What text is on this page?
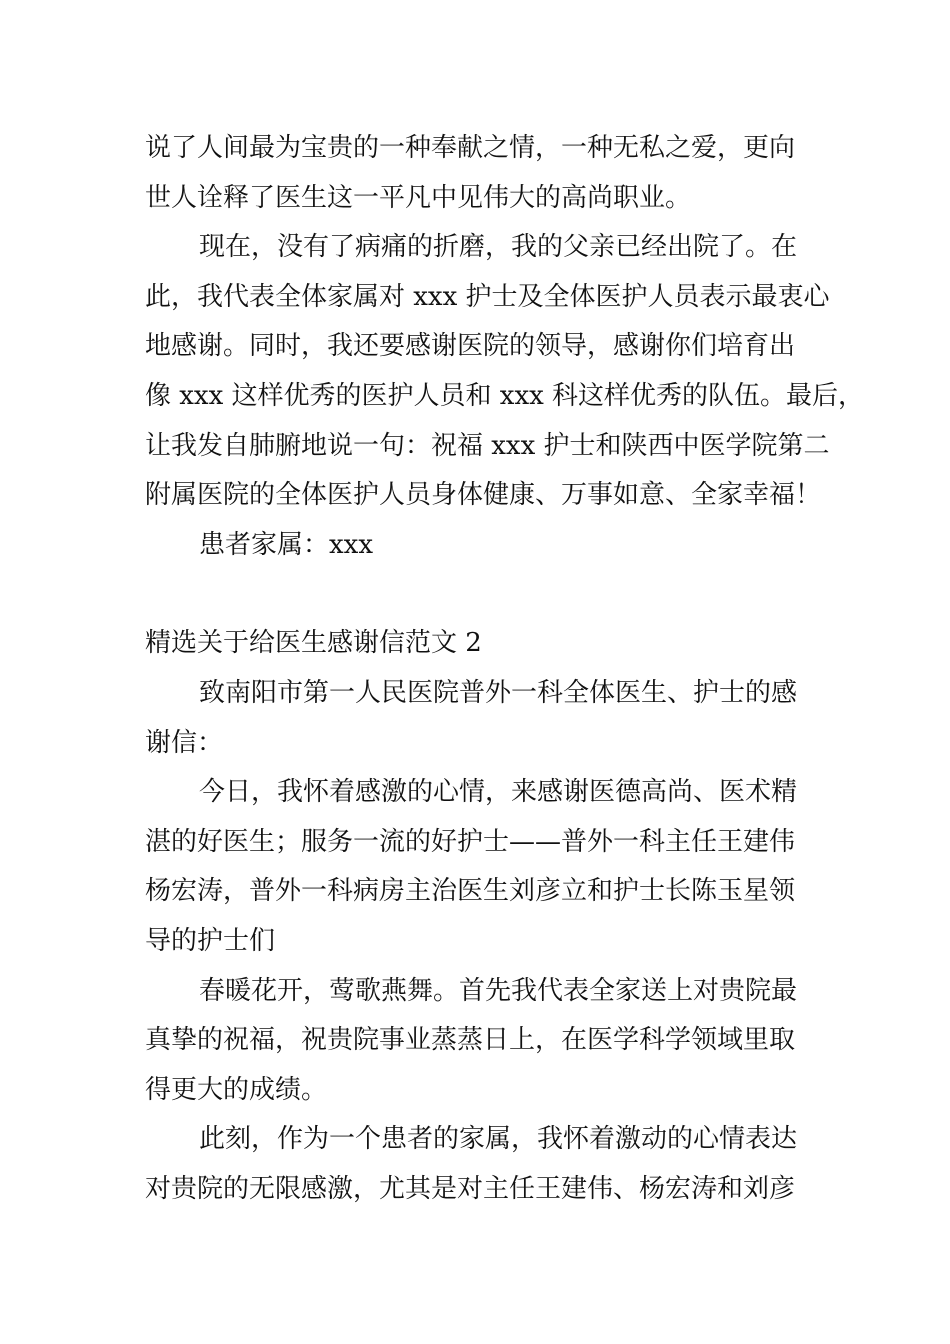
说了人间最为宝贵的一种奉献之情，一种无私之爱，更向
世人诠释了医生这一平凡中见伟大的高尚职业。

现在，没有了病痛的折磨，我的父亲已经出院了。在
此，我代表全体家属对 xxx 护士及全体医护人员表示最衷心
地感谢。同时，我还要感谢医院的领导，感谢你们培育出
像 xxx 这样优秀的医护人员和 xxx 科这样优秀的队伍。最后，
让我发自肺腑地说一句：祝福 xxx 护士和陕西中医学院第二
附属医院的全体医护人员身体健康、万事如意、全家幸福！

患者家属：xxx

精选关于给医生感谢信范文 2

致南阳市第一人民医院普外一科全体医生、护士的感
谢信：

今日，我怀着感激的心情，来感谢医德高尚、医术精
湛的好医生；服务一流的好护士——普外一科主任王建伟
杨宏涛，普外一科病房主治医生刘彦立和护士长陈玉星领
导的护士们

春暖花开，莺歌燕舞。首先我代表全家送上对贵院最
真挚的祝福，祝贵院事业蒸蒸日上，在医学科学领域里取
得更大的成绩。

此刻，作为一个患者的家属，我怀着激动的心情表达
对贵院的无限感激，尤其是对主任王建伟、杨宏涛和刘彦
